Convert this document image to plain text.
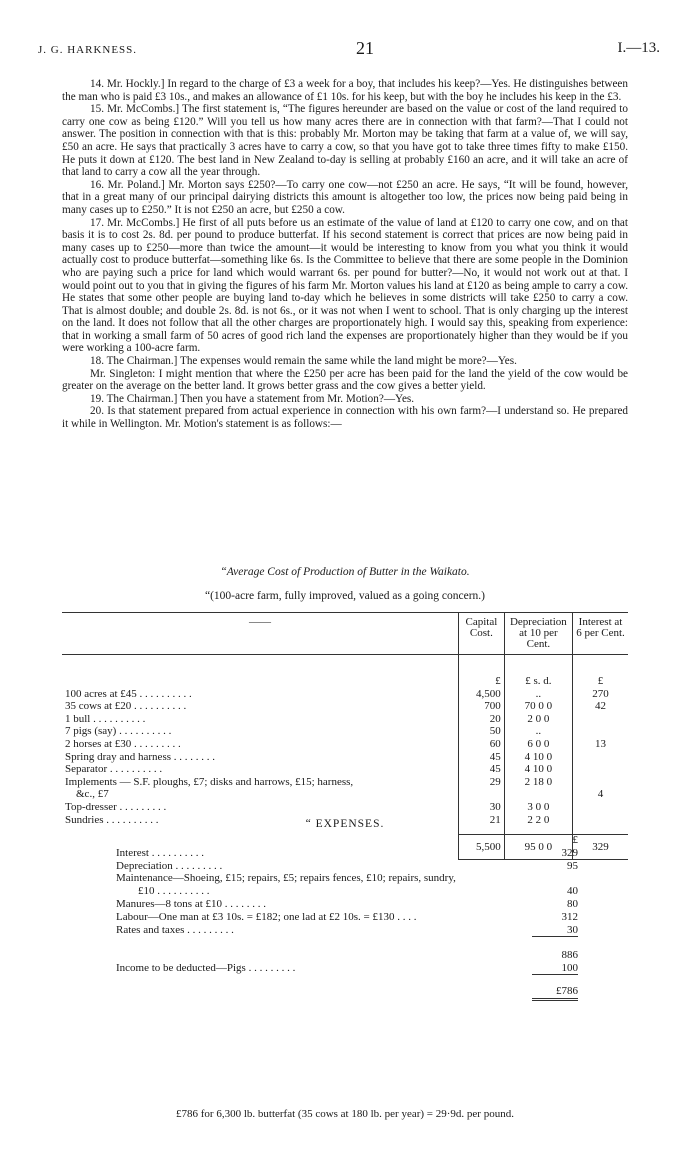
J. G. HARKNESS.	21	I.—13.

14. Mr. Hockly.] In regard to the charge of £3 a week for a boy, that includes his keep?—Yes. He distinguishes between the man who is paid £3 10s., and makes an allowance of £1 10s. for his keep, but with the boy he includes his keep in the £3.

15. Mr. McCombs.] The first statement is, “The figures hereunder are based on the value or cost of the land required to carry one cow as being £120.” Will you tell us how many acres there are in connection with that farm?—That I could not answer. The position in connection with that is this: probably Mr. Morton may be taking that farm at a value of, we will say, £50 an acre. He says that practically 3 acres have to carry a cow, so that you have got to take three times fifty to make £150. He puts it down at £120. The best land in New Zealand to-day is selling at probably £160 an acre, and it will take an acre of that land to carry a cow all the year through.

16. Mr. Poland.] Mr. Morton says £250?—To carry one cow—not £250 an acre. He says, “It will be found, however, that in a great many of our principal dairying districts this amount is altogether too low, the prices now being paid being in many cases up to £250.” It is not £250 an acre, but £250 a cow.

17. Mr. McCombs.] He first of all puts before us an estimate of the value of land at £120 to carry one cow, and on that basis it is to cost 2s. 8d. per pound to produce butterfat. If his second statement is correct that prices are now being paid in many cases up to £250—more than twice the amount—it would be interesting to know from you what you think it would actually cost to produce butterfat—something like 6s. Is the Committee to believe that there are some people in the Dominion who are paying such a price for land which would warrant 6s. per pound for butter?—No, it would not work out at that. I would point out to you that in giving the figures of his farm Mr. Morton values his land at £120 as being ample to carry a cow. He states that some other people are buying land to-day which he believes in some districts will take £250 to carry a cow. That is almost double; and double 2s. 8d. is not 6s., or it was not when I went to school. That is only charging up the interest on the land. It does not follow that all the other charges are proportionately high. I would say this, speaking from experience: that in working a small farm of 50 acres of good rich land the expenses are proportionately higher than they would be if you were working a 100-acre farm.

18. The Chairman.] The expenses would remain the same while the land might be more?—Yes.

Mr. Singleton: I might mention that where the £250 per acre has been paid for the land the yield of the cow would be greater on the average on the better land. It grows better grass and the cow gives a better yield.

19. The Chairman.] Then you have a statement from Mr. Motion?—Yes.

20. Is that statement prepared from actual experience in connection with his own farm?—I understand so. He prepared it while in Wellington. Mr. Motion's statement is as follows:—

“Average Cost of Production of Butter in the Waikato.
“(100-acre farm, fully improved, valued as a going concern.)
——	Capital Cost.	Depreciation at 10 per Cent.	Interest at 6 per Cent.
	£	£ s. d.	£
100 acres at £45 . . . . . . . . . .	4,500	..	270
35 cows at £20 . . . . . . . . . .	700	70 0 0	42
1 bull . . . . . . . . . .	20	2 0 0	
7 pigs (say) . . . . . . . . . .	50	..	
2 horses at £30 . . . . . . . . .	60	6 0 0	13
Spring dray and harness . . . . . . . .	45	4 10 0	
Separator . . . . . . . . . .	45	4 10 0	
Implements — S.F. ploughs, £7; disks and harrows, £15; harness,	29	2 18 0	
&c., £7			4
Top-dresser . . . . . . . . .	30	3 0 0	
Sundries . . . . . . . . . .	21	2 2 0	

	5,500	95 0 0	329
“ EXPENSES.
	£
Interest . . . . . . . . . .	329
Depreciation . . . . . . . . .	95
Maintenance—Shoeing, £15; repairs, £5; repairs fences, £10; repairs, sundry,	
£10 . . . . . . . . . .	40
Manures—8 tons at £10 . . . . . . . .	80
Labour—One man at £3 10s. = £182; one lad at £2 10s. = £130 . . . .	312
Rates and taxes . . . . . . . . .	30

	886
Income to be deducted—Pigs . . . . . . . . .	100

	£786
£786 for 6,300 lb. butterfat (35 cows at 180 lb. per year) = 29·9d. per pound.
